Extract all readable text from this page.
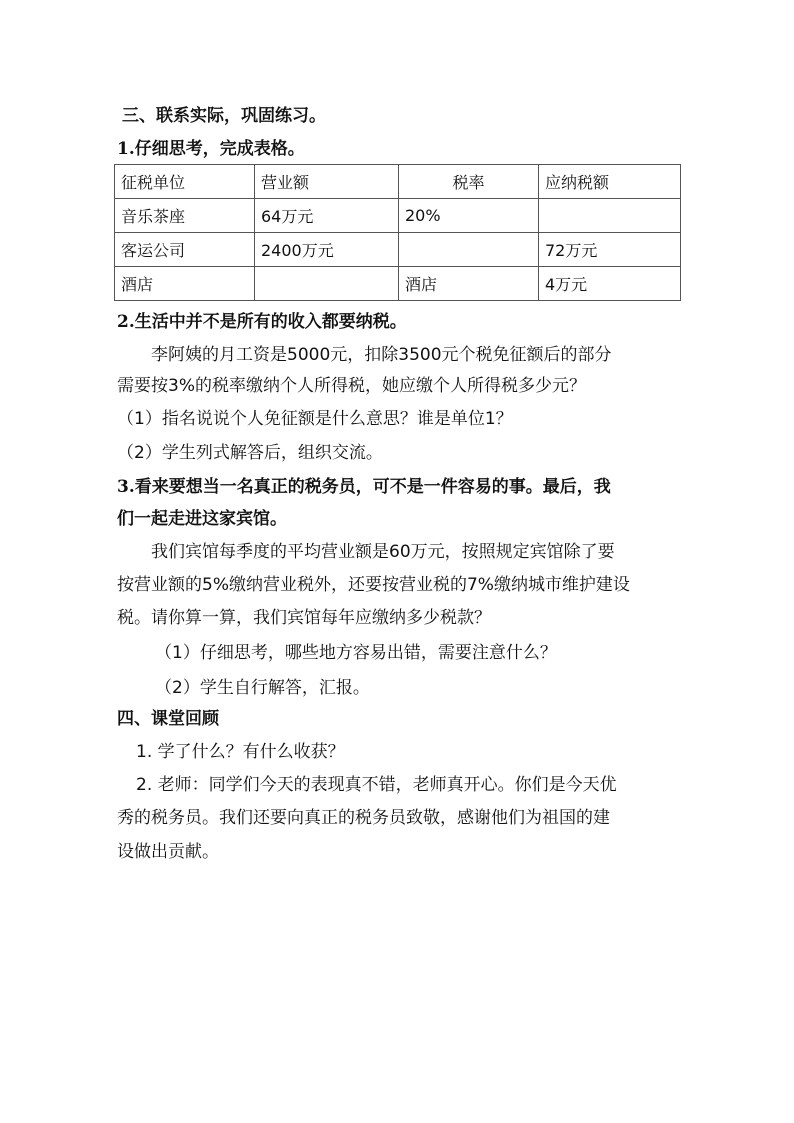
三、联系实际，巩固练习。
1.仔细思考，完成表格。
征税单位	营业额	税率	应纳税额
音乐茶座	64万元	20%	
客运公司	2400万元		72万元
酒店		酒店	4万元
2.生活中并不是所有的收入都要纳税。
李阿姨的月工资是5000元，扣除3500元个税免征额后的部分
需要按3%的税率缴纳个人所得税，她应缴个人所得税多少元？
（1）指名说说个人免征额是什么意思？谁是单位1？
（2）学生列式解答后，组织交流。
3.看来要想当一名真正的税务员，可不是一件容易的事。最后，我
们一起走进这家宾馆。
我们宾馆每季度的平均营业额是60万元，按照规定宾馆除了要
按营业额的5%缴纳营业税外，还要按营业税的7%缴纳城市维护建设
税。请你算一算，我们宾馆每年应缴纳多少税款？
（1）仔细思考，哪些地方容易出错，需要注意什么？
（2）学生自行解答，汇报。
四、课堂回顾
1. 学了什么？有什么收获？
2. 老师：同学们今天的表现真不错，老师真开心。你们是今天优
秀的税务员。我们还要向真正的税务员致敬，感谢他们为祖国的建
设做出贡献。
